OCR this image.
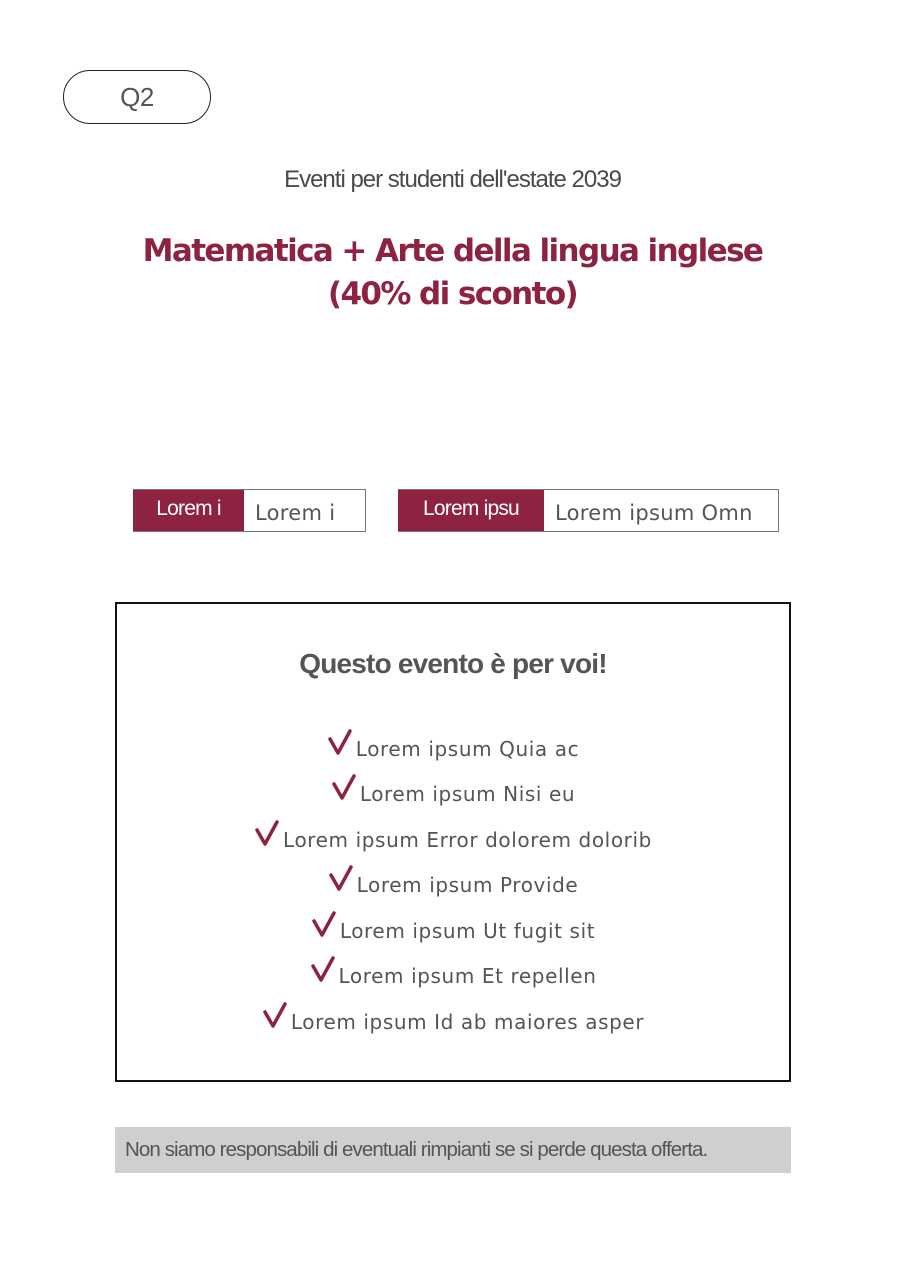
Q2
Eventi per studenti dell'estate 2039
Matematica + Arte della lingua inglese
(40% di sconto)
Lorem i	Lorem i	Lorem ipsu	Lorem ipsum Omn
Questo evento è per voi!
Lorem ipsum Quia ac
Lorem ipsum Nisi eu
Lorem ipsum Error dolorem dolorib
Lorem ipsum Provide
Lorem ipsum Ut fugit sit
Lorem ipsum Et repellen
Lorem ipsum Id ab maiores asper
Non siamo responsabili di eventuali rimpianti se si perde questa offerta.
